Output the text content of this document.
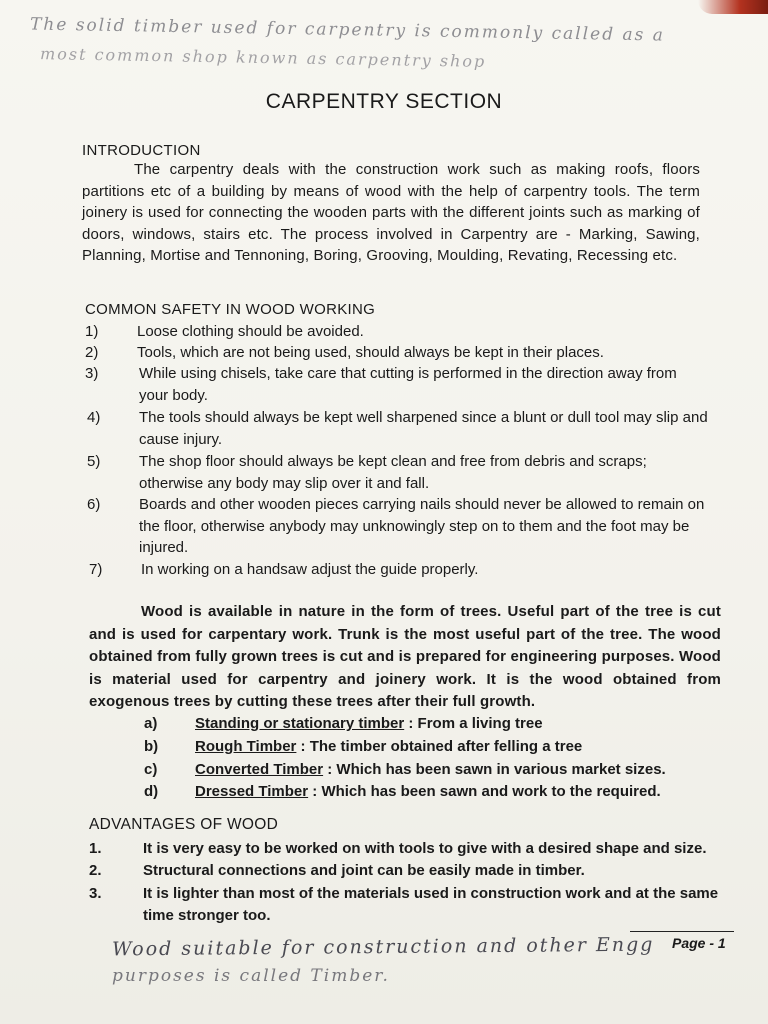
The solid timber used for carpentry is commonly called as a
most common shop known as carpentry shop
CARPENTRY SECTION
INTRODUCTION
The carpentry deals with the construction work such as making roofs, floors partitions etc of a building by means of wood with the help of carpentry tools. The term joinery is used for connecting the wooden parts with the different joints such as marking of doors, windows, stairs etc. The process involved in Carpentry are - Marking, Sawing, Planning, Mortise and Tennoning, Boring, Grooving, Moulding, Revating, Recessing etc.
COMMON SAFETY IN WOOD WORKING
1)	Loose clothing should be avoided.
2)	Tools, which are not being used, should always be kept in their places.
3)	While using chisels, take care that cutting is performed in the direction away from your body.
4)	The tools should always be kept well sharpened since a blunt or dull tool may slip and cause injury.
5)	The shop floor should always be kept clean and free from debris and scraps; otherwise any body may slip over it and fall.
6)	Boards and other wooden pieces carrying nails should never be allowed to remain on the floor, otherwise anybody may unknowingly step on to them and the foot may be injured.
7)	In working on a handsaw adjust the guide properly.
Wood is available in nature in the form of trees. Useful part of the tree is cut and is used for carpentary work. Trunk is the most useful part of the tree. The wood obtained from fully grown trees is cut and is prepared for engineering purposes. Wood is material used for carpentry and joinery work. It is the wood obtained from exogenous trees by cutting these trees after their full growth.
a)	Standing or stationary timber : From a living tree
b) Rough Timber : The timber obtained after felling a tree
c)	Converted Timber : Which has been sawn in various market sizes.
d) Dressed Timber : Which has been sawn and work to the required.
ADVANTAGES OF WOOD
1.	It is very easy to be worked on with tools to give with a desired shape and size.
2.	Structural connections and joint can be easily made in timber.
3.	It is lighter than most of the materials used in construction work and at the same time stronger too.
Page - 1
Wood suitable for construction and other Engg
purposes is called Timber.
